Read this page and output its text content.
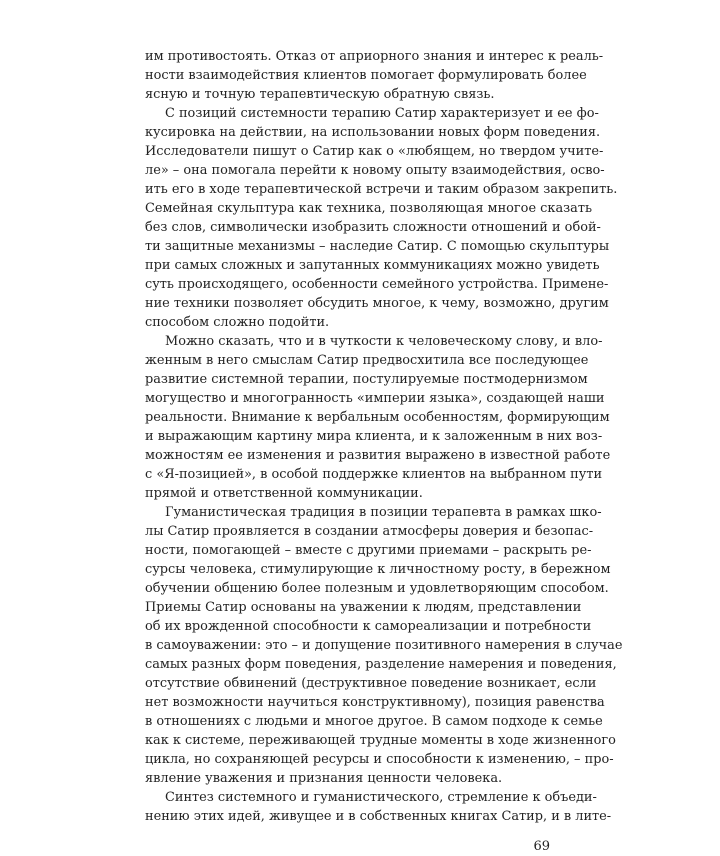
им противостоять. Отказ от априорного знания и интерес к реаль-
ности взаимодействия клиентов помогает формулировать более
ясную и точную терапевтическую обратную связь.
С позиций системности терапию Сатир характеризует и ее фо-
кусировка на действии, на использовании новых форм поведения.
Исследователи пишут о Сатир как о «любящем, но твердом учите-
ле» – она помогала перейти к новому опыту взаимодействия, осво-
ить его в ходе терапевтической встречи и таким образом закрепить.
Семейная скульптура как техника, позволяющая многое сказать
без слов, символически изобразить сложности отношений и обой-
ти защитные механизмы – наследие Сатир. С помощью скульптуры
при самых сложных и запутанных коммуникациях можно увидеть
суть происходящего, особенности семейного устройства. Примене-
ние техники позволяет обсудить многое, к чему, возможно, другим
способом сложно подойти.
Можно сказать, что и в чуткости к человеческому слову, и вло-
женным в него смыслам Сатир предвосхитила все последующее
развитие системной терапии, постулируемые постмодернизмом
могущество и многогранность «империи языка», создающей наши
реальности. Внимание к вербальным особенностям, формирующим
и выражающим картину мира клиента, и к заложенным в них воз-
можностям ее изменения и развития выражено в известной работе
с «Я-позицией», в особой поддержке клиентов на выбранном пути
прямой и ответственной коммуникации.
Гуманистическая традиция в позиции терапевта в рамках шко-
лы Сатир проявляется в создании атмосферы доверия и безопас-
ности, помогающей – вместе с другими приемами – раскрыть ре-
сурсы человека, стимулирующие к личностному росту, в бережном
обучении общению более полезным и удовлетворяющим способом.
Приемы Сатир основаны на уважении к людям, представлении
об их врожденной способности к самореализации и потребности
в самоуважении: это – и допущение позитивного намерения в случае
самых разных форм поведения, разделение намерения и поведения,
отсутствие обвинений (деструктивное поведение возникает, если
нет возможности научиться конструктивному), позиция равенства
в отношениях с людьми и многое другое. В самом подходе к семье
как к системе, переживающей трудные моменты в ходе жизненного
цикла, но сохраняющей ресурсы и способности к изменению, – про-
явление уважения и признания ценности человека.
Синтез системного и гуманистического, стремление к объеди-
нению этих идей, живущее и в собственных книгах Сатир, и в лите-
69
